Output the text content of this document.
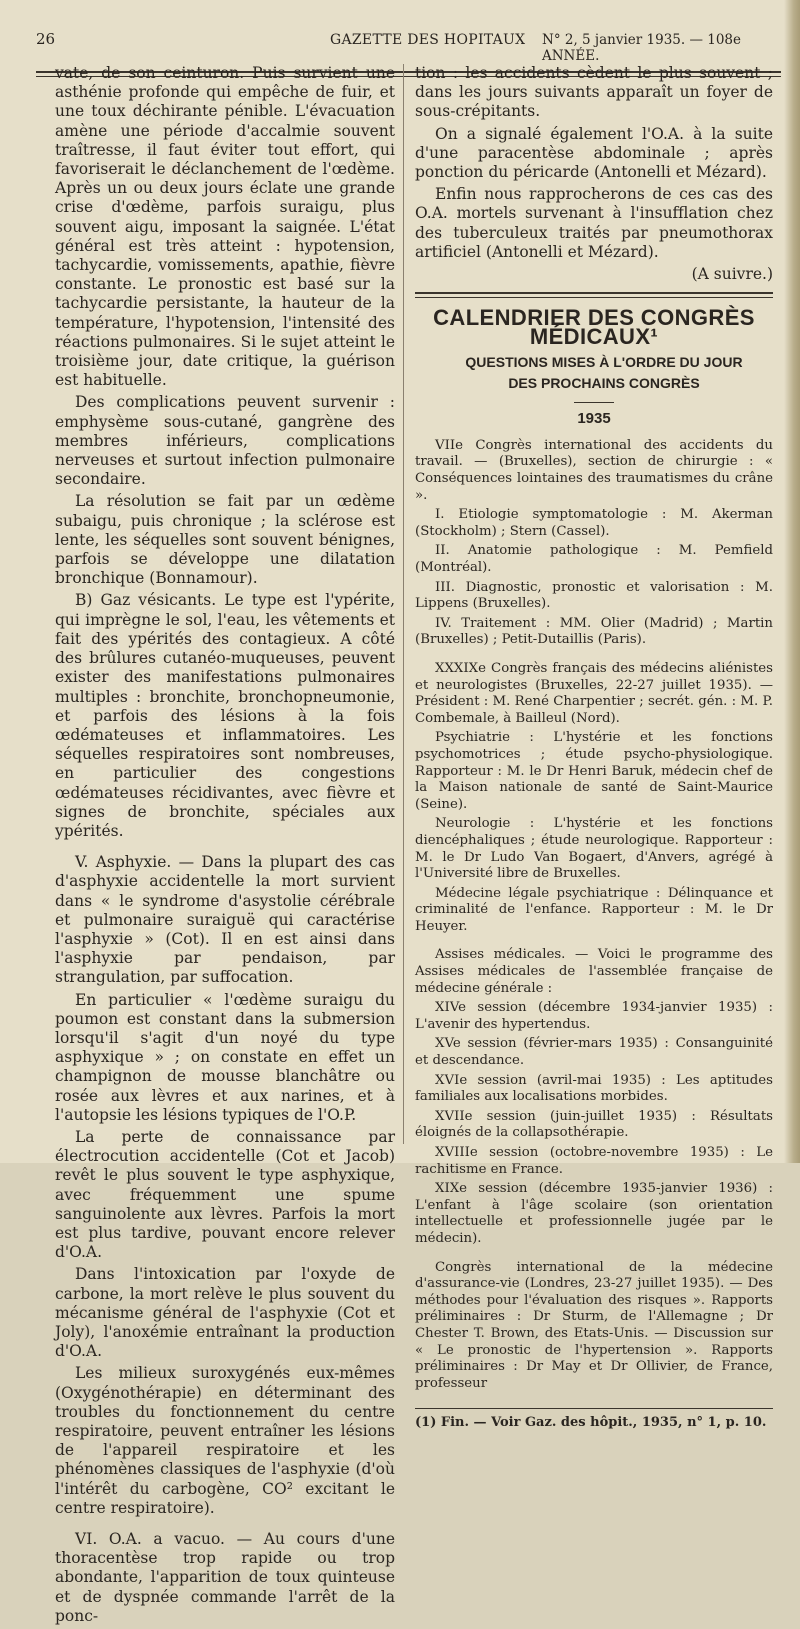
26	GAZETTE DES HOPITAUX N° 2, 5 janvier 1935. — 108e ANNÉE.

vate, de son ceinturon. Puis survient une asthénie profonde qui empêche de fuir, et une toux déchirante pénible. L'évacuation amène une période d'accalmie souvent traîtresse, il faut éviter tout effort, qui favoriserait le déclanchement de l'œdème. Après un ou deux jours éclate une grande crise d'œdème, parfois suraigu, plus souvent aigu, imposant la saignée. L'état général est très atteint : hypotension, tachycardie, vomissements, apathie, fièvre constante. Le pronostic est basé sur la tachycardie persistante, la hauteur de la température, l'hypotension, l'intensité des réactions pulmonaires. Si le sujet atteint le troisième jour, date critique, la guérison est habituelle.

Des complications peuvent survenir : emphysème sous-cutané, gangrène des membres inférieurs, complications nerveuses et surtout infection pulmonaire secondaire.

La résolution se fait par un œdème subaigu, puis chronique ; la sclérose est lente, les séquelles sont souvent bénignes, parfois se développe une dilatation bronchique (Bonnamour).

B) Gaz vésicants. Le type est l'ypérite, qui imprègne le sol, l'eau, les vêtements et fait des ypérités des contagieux. A côté des brûlures cutanéo-muqueuses, peuvent exister des manifestations pulmonaires multiples : bronchite, bronchopneumonie, et parfois des lésions à la fois œdémateuses et inflammatoires. Les séquelles respiratoires sont nombreuses, en particulier des congestions œdémateuses récidivantes, avec fièvre et signes de bronchite, spéciales aux ypérités.

V. Asphyxie. — Dans la plupart des cas d'asphyxie accidentelle la mort survient dans « le syndrome d'asystolie cérébrale et pulmonaire suraiguë qui caractérise l'asphyxie » (Cot). Il en est ainsi dans l'asphyxie par pendaison, par strangulation, par suffocation.

En particulier « l'œdème suraigu du poumon est constant dans la submersion lorsqu'il s'agit d'un noyé du type asphyxique » ; on constate en effet un champignon de mousse blanchâtre ou rosée aux lèvres et aux narines, et à l'autopsie les lésions typiques de l'O.P.

La perte de connaissance par électrocution accidentelle (Cot et Jacob) revêt le plus souvent le type asphyxique, avec fréquemment une spume sanguinolente aux lèvres. Parfois la mort est plus tardive, pouvant encore relever d'O.A.

Dans l'intoxication par l'oxyde de carbone, la mort relève le plus souvent du mécanisme général de l'asphyxie (Cot et Joly), l'anoxémie entraînant la production d'O.A.

Les milieux suroxygénés eux-mêmes (Oxygénothérapie) en déterminant des troubles du fonctionnement du centre respiratoire, peuvent entraîner les lésions de l'appareil respiratoire et les phénomènes classiques de l'asphyxie (d'où l'intérêt du carbogène, CO² excitant le centre respiratoire).

VI. O.A. a vacuo. — Au cours d'une thoracentèse trop rapide ou trop abondante, l'apparition de toux quinteuse et de dyspnée commande l'arrêt de la ponc-

tion : les accidents cèdent le plus souvent ; dans les jours suivants apparaît un foyer de sous-crépitants.

On a signalé également l'O.A. à la suite d'une paracentèse abdominale ; après ponction du péricarde (Antonelli et Mézard).

Enfin nous rapprocherons de ces cas des O.A. mortels survenant à l'insufflation chez des tuberculeux traités par pneumothorax artificiel (Antonelli et Mézard).

(A suivre.)

CALENDRIER DES CONGRÈS MÉDICAUX¹

QUESTIONS MISES À L'ORDRE DU JOUR

DES PROCHAINS CONGRÈS

1935

VIIe Congrès international des accidents du travail. — (Bruxelles), section de chirurgie : « Conséquences lointaines des traumatismes du crâne ».

I. Etiologie symptomatologie : M. Akerman (Stockholm) ; Stern (Cassel).

II. Anatomie pathologique : M. Pemfield (Montréal).

III. Diagnostic, pronostic et valorisation : M. Lippens (Bruxelles).

IV. Traitement : MM. Olier (Madrid) ; Martin (Bruxelles) ; Petit-Dutaillis (Paris).

XXXIXe Congrès français des médecins aliénistes et neurologistes (Bruxelles, 22-27 juillet 1935). — Président : M. René Charpentier ; secrét. gén. : M. P. Combemale, à Bailleul (Nord).

Psychiatrie : L'hystérie et les fonctions psychomotrices ; étude psycho-physiologique. Rapporteur : M. le Dr Henri Baruk, médecin chef de la Maison nationale de santé de Saint-Maurice (Seine).

Neurologie : L'hystérie et les fonctions diencéphaliques ; étude neurologique. Rapporteur : M. le Dr Ludo Van Bogaert, d'Anvers, agrégé à l'Université libre de Bruxelles.

Médecine légale psychiatrique : Délinquance et criminalité de l'enfance. Rapporteur : M. le Dr Heuyer.

Assises médicales. — Voici le programme des Assises médicales de l'assemblée française de médecine générale :

XIVe session (décembre 1934-janvier 1935) : L'avenir des hypertendus.

XVe session (février-mars 1935) : Consanguinité et descendance.

XVIe session (avril-mai 1935) : Les aptitudes familiales aux localisations morbides.

XVIIe session (juin-juillet 1935) : Résultats éloignés de la collapsothérapie.

XVIIIe session (octobre-novembre 1935) : Le rachitisme en France.

XIXe session (décembre 1935-janvier 1936) : L'enfant à l'âge scolaire (son orientation intellectuelle et professionnelle jugée par le médecin).

Congrès international de la médecine d'assurance-vie (Londres, 23-27 juillet 1935). — Des méthodes pour l'évaluation des risques ». Rapports préliminaires : Dr Sturm, de l'Allemagne ; Dr Chester T. Brown, des Etats-Unis. — Discussion sur « Le pronostic de l'hypertension ». Rapports préliminaires : Dr May et Dr Ollivier, de France, professeur

(1) Fin. — Voir Gaz. des hôpit., 1935, n° 1, p. 10.
